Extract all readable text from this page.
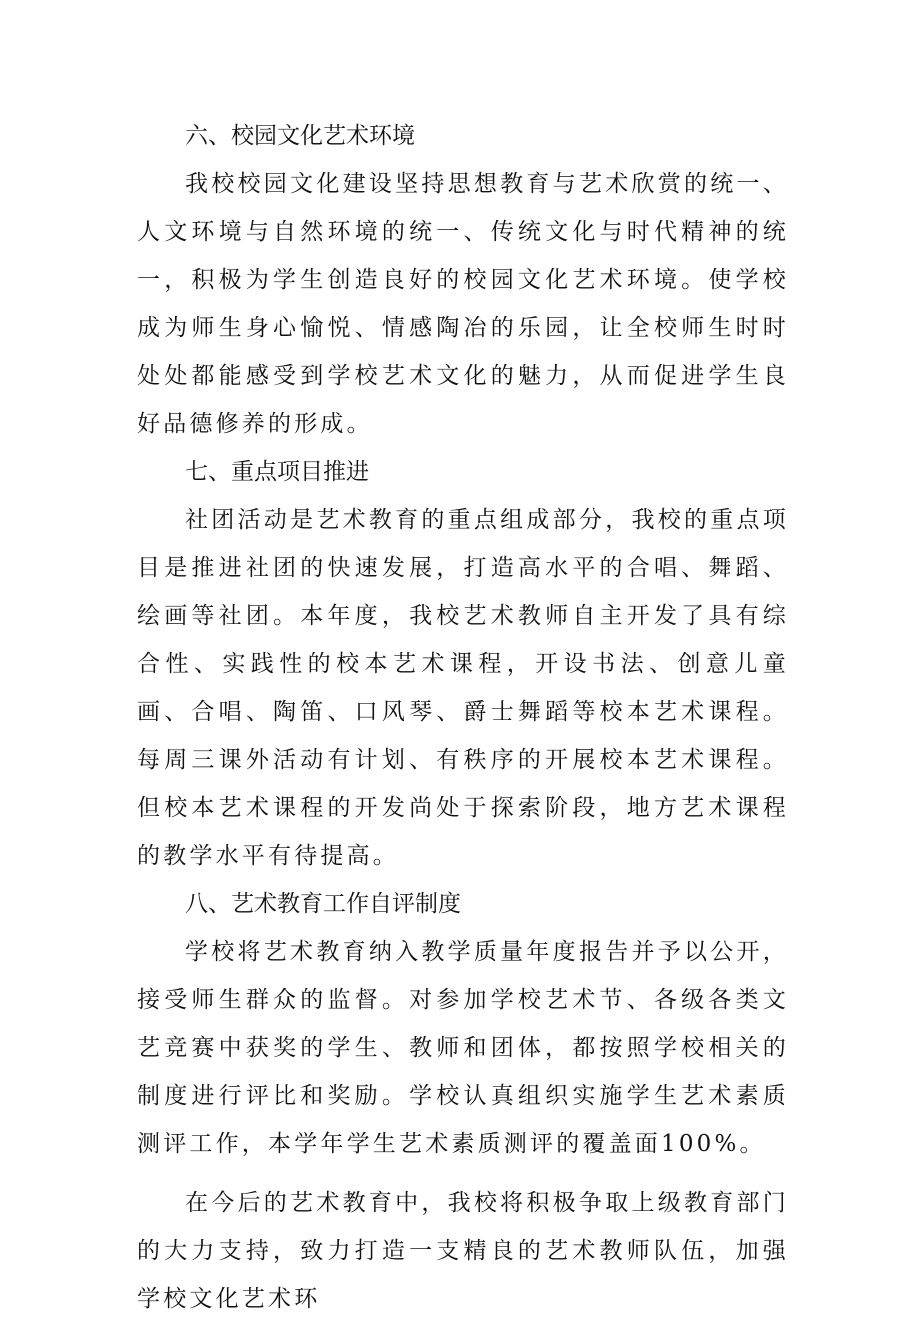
六、校园文化艺术环境

我校校园文化建设坚持思想教育与艺术欣赏的统一、人文环境与自然环境的统一、传统文化与时代精神的统一，积极为学生创造良好的校园文化艺术环境。使学校成为师生身心愉悦、情感陶冶的乐园，让全校师生时时处处都能感受到学校艺术文化的魅力，从而促进学生良好品德修养的形成。

七、重点项目推进

社团活动是艺术教育的重点组成部分，我校的重点项目是推进社团的快速发展，打造高水平的合唱、舞蹈、绘画等社团。本年度，我校艺术教师自主开发了具有综合性、实践性的校本艺术课程，开设书法、创意儿童画、合唱、陶笛、口风琴、爵士舞蹈等校本艺术课程。每周三课外活动有计划、有秩序的开展校本艺术课程。但校本艺术课程的开发尚处于探索阶段，地方艺术课程的教学水平有待提高。

八、艺术教育工作自评制度

学校将艺术教育纳入教学质量年度报告并予以公开，接受师生群众的监督。对参加学校艺术节、各级各类文艺竞赛中获奖的学生、教师和团体，都按照学校相关的制度进行评比和奖励。学校认真组织实施学生艺术素质测评工作，本学年学生艺术素质测评的覆盖面100%。

在今后的艺术教育中，我校将积极争取上级教育部门的大力支持，致力打造一支精良的艺术教师队伍，加强学校文化艺术环
